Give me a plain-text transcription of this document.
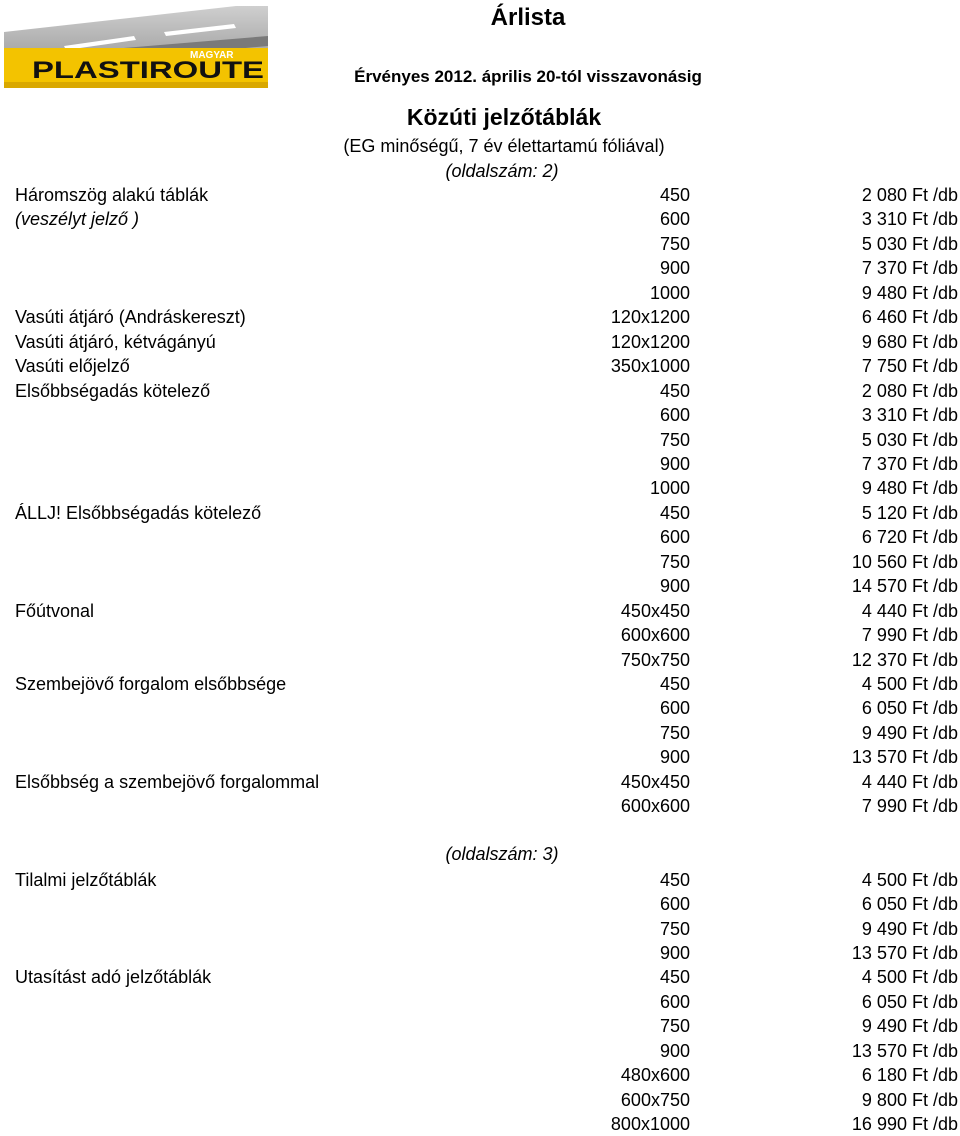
MAGYAR
PLASTIROUTE
Árlista
Érvényes 2012. április 20-tól visszavonásig
Közúti jelzőtáblák
(EG minőségű, 7 év élettartamú fóliával)
(oldalszám: 2)
(oldalszám: 3)
Háromszög alakú táblák	450	2 080 Ft /db
(veszélyt jelző )	600	3 310 Ft /db
750	5 030 Ft /db
900	7 370 Ft /db
1000	9 480 Ft /db
Vasúti átjáró (Andráskereszt)	120x1200	6 460 Ft /db
Vasúti átjáró, kétvágányú	120x1200	9 680 Ft /db
Vasúti előjelző	350x1000	7 750 Ft /db
Elsőbbségadás kötelező	450	2 080 Ft /db
600	3 310 Ft /db
750	5 030 Ft /db
900	7 370 Ft /db
1000	9 480 Ft /db
ÁLLJ! Elsőbbségadás kötelező	450	5 120 Ft /db
600	6 720 Ft /db
750	10 560 Ft /db
900	14 570 Ft /db
Főútvonal	450x450	4 440 Ft /db
600x600	7 990 Ft /db
750x750	12 370 Ft /db
Szembejövő forgalom elsőbbsége	450	4 500 Ft /db
600	6 050 Ft /db
750	9 490 Ft /db
900	13 570 Ft /db
Elsőbbség a szembejövő forgalommal	450x450	4 440 Ft /db
600x600	7 990 Ft /db
Tilalmi jelzőtáblák	450	4 500 Ft /db
600	6 050 Ft /db
750	9 490 Ft /db
900	13 570 Ft /db
Utasítást adó jelzőtáblák	450	4 500 Ft /db
600	6 050 Ft /db
750	9 490 Ft /db
900	13 570 Ft /db
480x600	6 180 Ft /db
600x750	9 800 Ft /db
800x1000	16 990 Ft /db
